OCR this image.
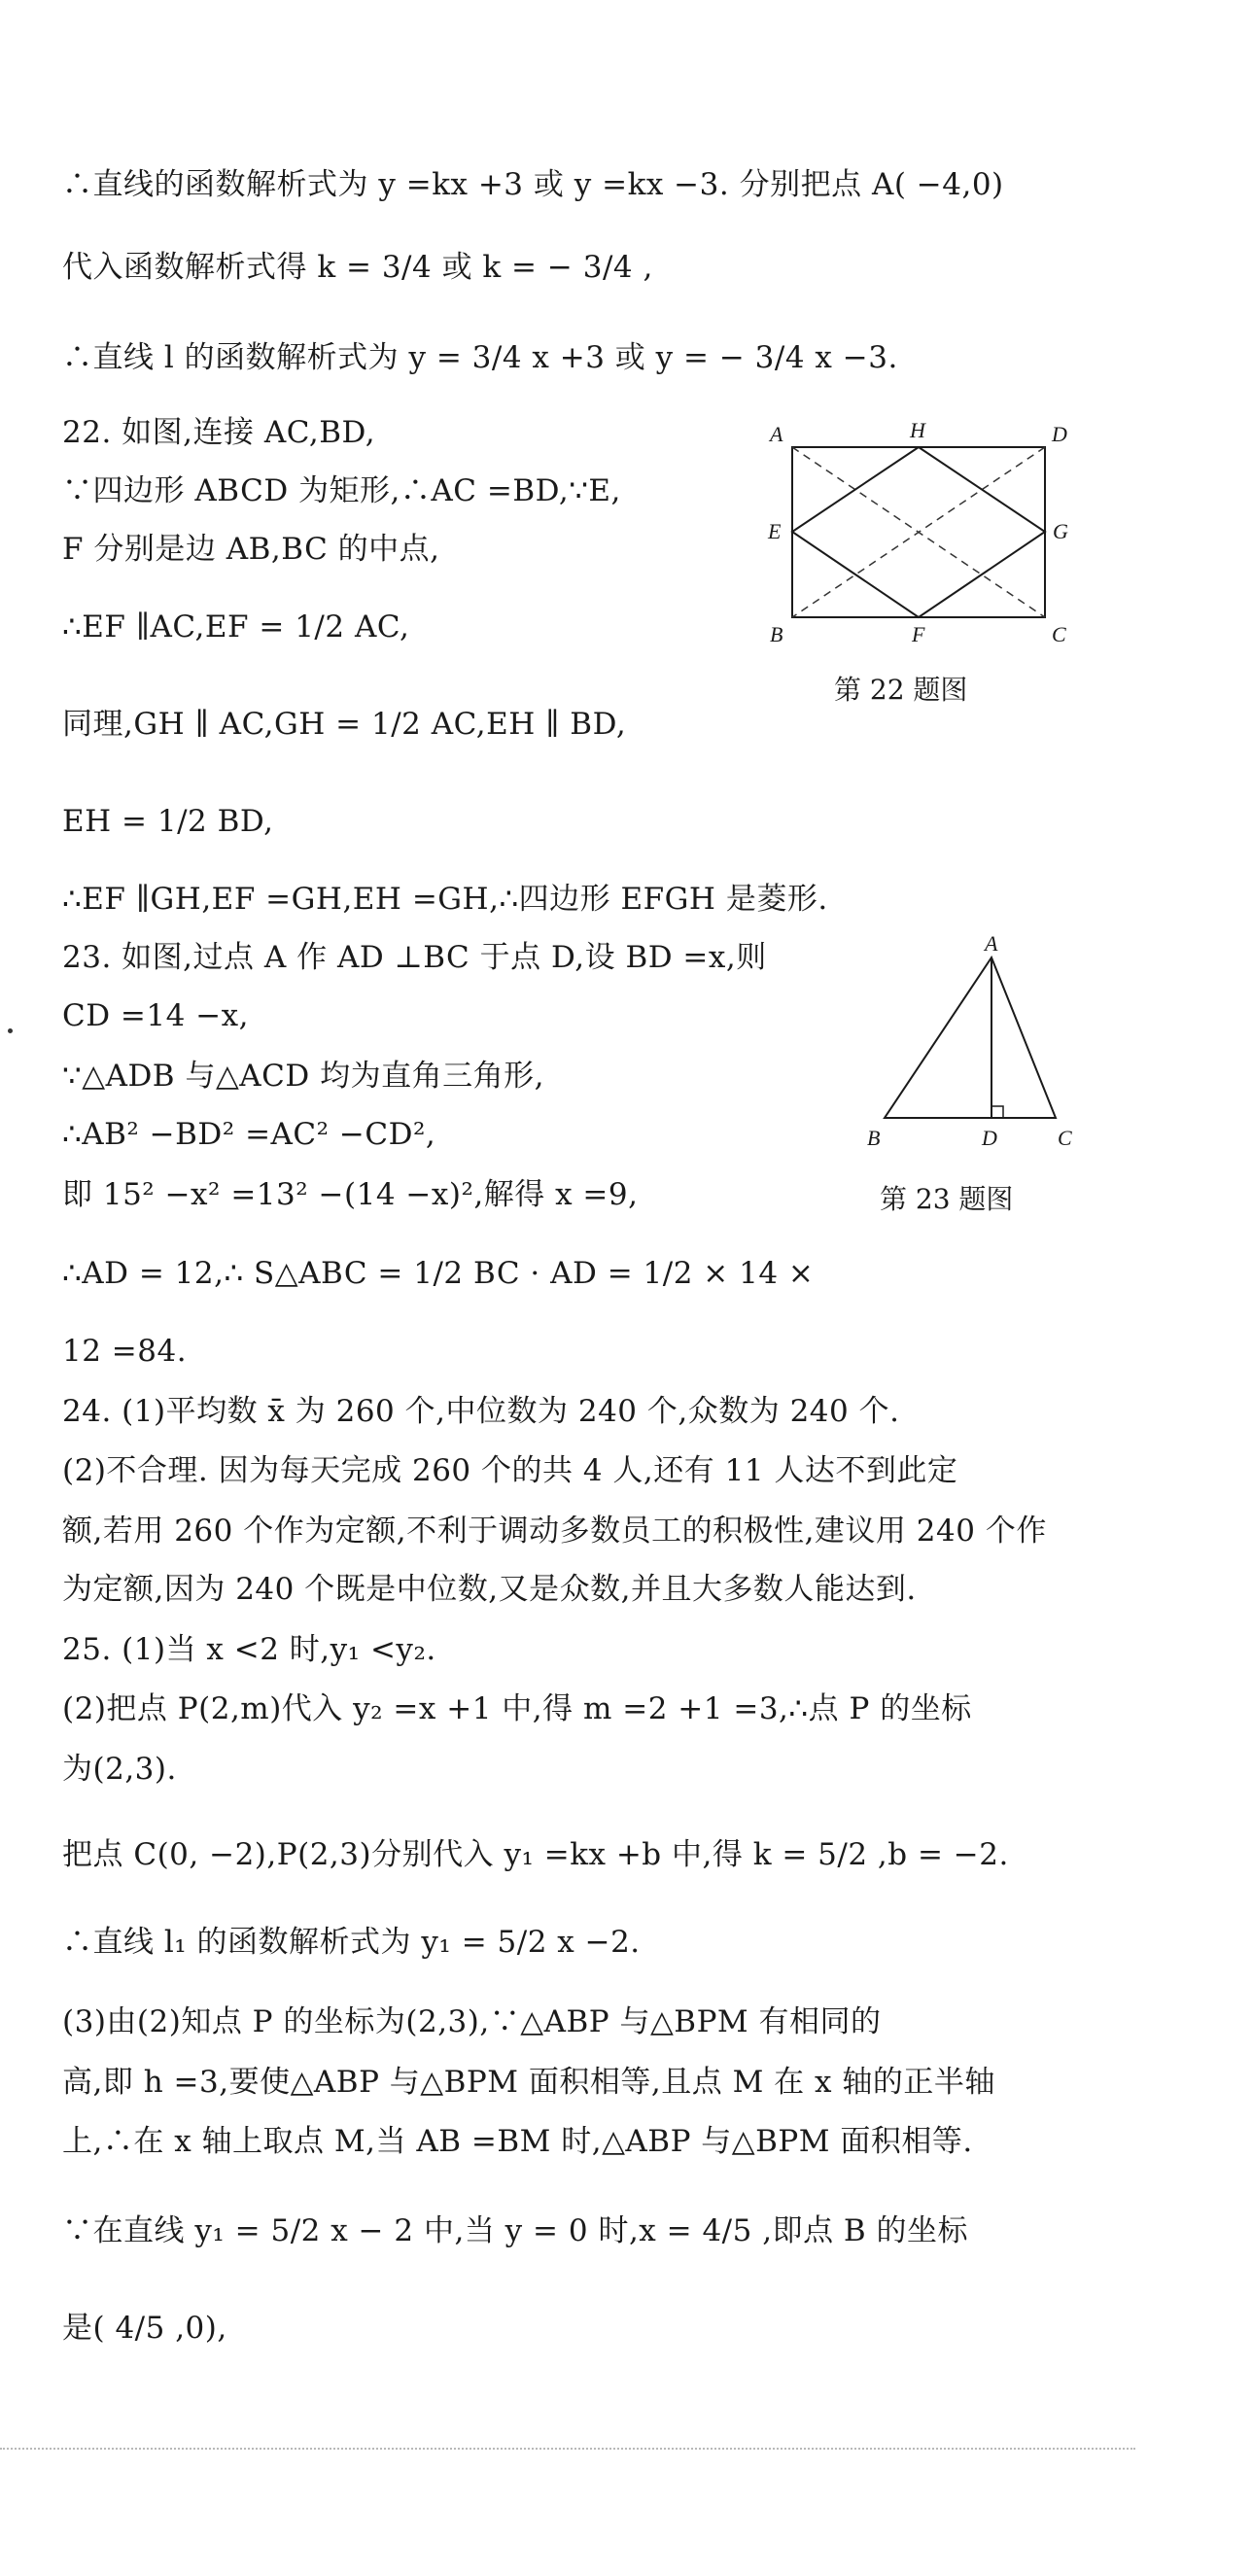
∴直线的函数解析式为 y =kx +3 或 y =kx −3. 分别把点 A( −4,0)
代入函数解析式得 k = 3/4 或 k = − 3/4 ,
∴直线 l 的函数解析式为 y = 3/4 x +3 或 y = − 3/4 x −3.
22. 如图,连接 AC,BD,
∵四边形 ABCD 为矩形,∴AC =BD,∵E,
F 分别是边 AB,BC 的中点,
∴EF ∥AC,EF = 1/2 AC,
同理,GH ∥ AC,GH = 1/2 AC,EH ∥ BD,
EH = 1/2 BD,
∴EF ∥GH,EF =GH,EH =GH,∴四边形 EFGH 是菱形.
23. 如图,过点 A 作 AD ⊥BC 于点 D,设 BD =x,则
CD =14 −x,
∵△ADB 与△ACD 均为直角三角形,
∴AB² −BD² =AC² −CD²,
即 15² −x² =13² −(14 −x)²,解得 x =9,
∴AD = 12,∴ S△ABC = 1/2 BC · AD = 1/2 × 14 ×
12 =84.
24. (1)平均数 x̄ 为 260 个,中位数为 240 个,众数为 240 个.
(2)不合理. 因为每天完成 260 个的共 4 人,还有 11 人达不到此定
额,若用 260 个作为定额,不利于调动多数员工的积极性,建议用 240 个作
为定额,因为 240 个既是中位数,又是众数,并且大多数人能达到.
25. (1)当 x <2 时,y₁ <y₂.
(2)把点 P(2,m)代入 y₂ =x +1 中,得 m =2 +1 =3,∴点 P 的坐标
为(2,3).
把点 C(0, −2),P(2,3)分别代入 y₁ =kx +b 中,得 k = 5/2 ,b = −2.
∴直线 l₁ 的函数解析式为 y₁ = 5/2 x −2.
(3)由(2)知点 P 的坐标为(2,3),∵△ABP 与△BPM 有相同的
高,即 h =3,要使△ABP 与△BPM 面积相等,且点 M 在 x 轴的正半轴
上,∴在 x 轴上取点 M,当 AB =BM 时,△ABP 与△BPM 面积相等.
∵在直线 y₁ = 5/2 x − 2 中,当 y = 0 时,x = 4/5 ,即点 B 的坐标
是( 4/5 ,0),
A	H	D
E	G
B	F	C
第 22 题图
A
B	D	C
第 23 题图
